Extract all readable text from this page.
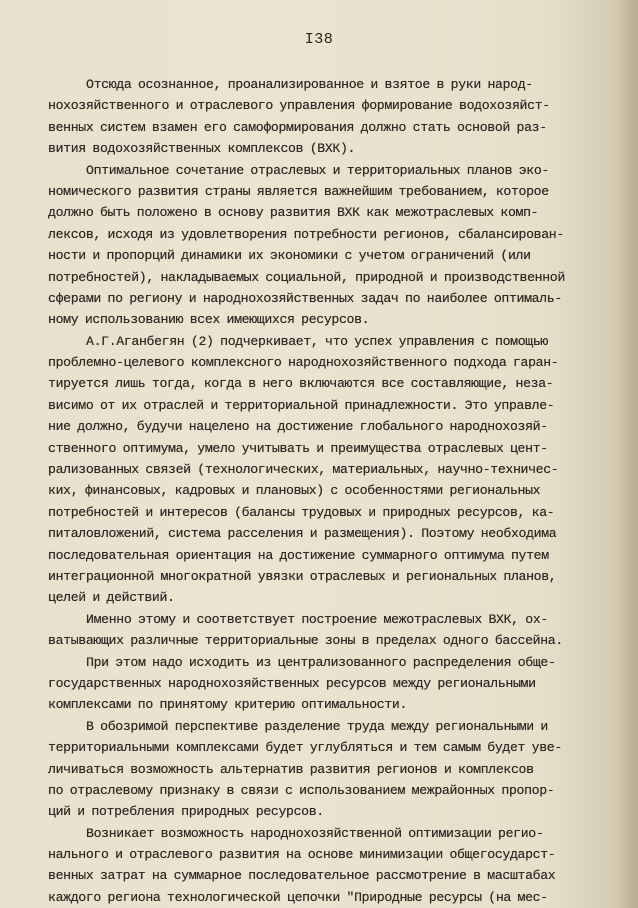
I38
Отсюда осознанное, проанализированное и взятое в руки народ-
нохозяйственного и отраслевого управления формирование водохозяйст-
венных систем взамен его самоформирования должно стать основой раз-
вития водохозяйственных комплексов (ВХК).
Оптимальное сочетание отраслевых и территориальных планов эко-
номического развития страны является важнейшим требованием, которое
должно быть положено в основу развития ВХК как межотраслевых комп-
лексов, исходя из удовлетворения потребности регионов, сбалансирован-
ности и пропорций динамики их экономики с учетом ограничений (или
потребностей), накладываемых социальной, природной и производственной
сферами по региону и народнохозяйственных задач по наиболее оптималь-
ному использованию всех имеющихся ресурсов.
А.Г.Аганбегян (2) подчеркивает, что успех управления с помощью
проблемно-целевого комплексного народнохозяйственного подхода гаран-
тируется лишь тогда, когда в него включаются все составляющие, неза-
висимо от их отраслей и территориальной принадлежности. Это управле-
ние должно, будучи нацелено на достижение глобального народнохозяй-
ственного оптимума, умело учитывать и преимущества отраслевых цент-
рализованных связей (технологических, материальных, научно-техничес-
ких, финансовых, кадровых и плановых) с особенностями региональных
потребностей и интересов (балансы трудовых и природных ресурсов, ка-
питаловложений, система расселения и размещения). Поэтому необходима
последовательная ориентация на достижение суммарного оптимума путем
интеграционной многократной увязки отраслевых и региональных планов,
целей и действий.
Именно этому и соответствует построение межотраслевых ВХК, ох-
ватывающих различные территориальные зоны в пределах одного бассейна.
При этом надо исходить из централизованного распределения обще-
государственных народнохозяйственных ресурсов между региональными
комплексами по принятому критерию оптимальности.
В обозримой перспективе разделение труда между региональными и
территориальными комплексами будет углубляться и тем самым будет уве-
личиваться возможность альтернатив развития регионов и комплексов
по отраслевому признаку в связи с использованием межрайонных пропор-
ций и потребления природных ресурсов.
Возникает возможность народнохозяйственной оптимизации регио-
нального и отраслевого развития на основе минимизации общегосударст-
венных затрат на суммарное последовательное рассмотрение в масштабах
каждого региона технологической цепочки "Природные ресурсы (на мес-
